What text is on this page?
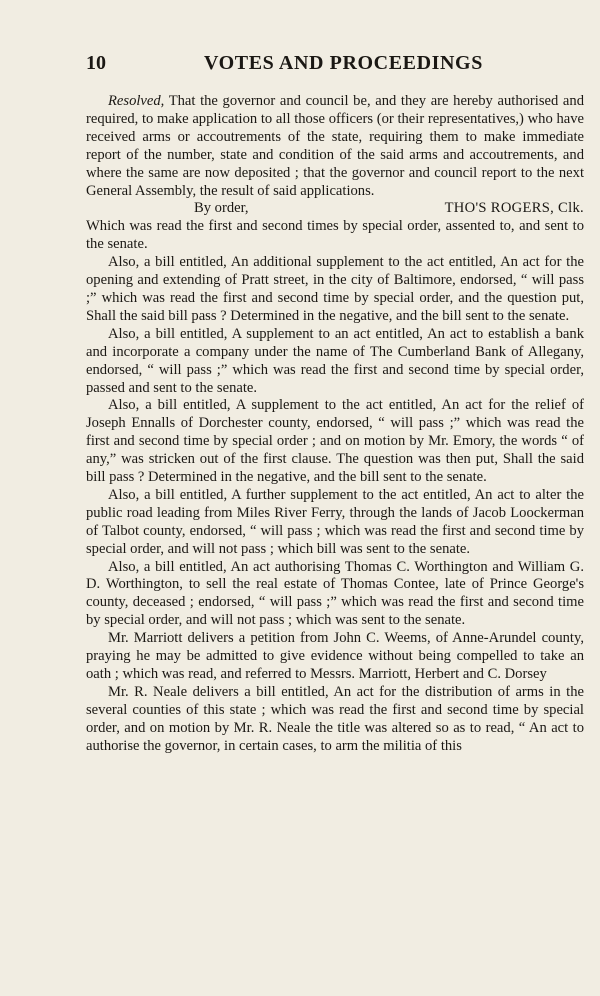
10	VOTES AND PROCEEDINGS

Resolved, That the governor and council be, and they are hereby authorised and required, to make application to all those officers (or their representatives,) who have received arms or accoutrements of the state, requiring them to make immediate report of the number, state and condition of the said arms and accoutrements, and where the same are now deposited ; that the governor and council report to the next General Assembly, the result of said applications.

By order,	THO'S ROGERS, Clk.

Which was read the first and second times by special order, assented to, and sent to the senate.

Also, a bill entitled, An additional supplement to the act entitled, An act for the opening and extending of Pratt street, in the city of Baltimore, endorsed, “ will pass ;” which was read the first and second time by special order, and the question put, Shall the said bill pass ? Determined in the negative, and the bill sent to the senate.

Also, a bill entitled, A supplement to an act entitled, An act to establish a bank and incorporate a company under the name of The Cumberland Bank of Allegany, endorsed, “ will pass ;” which was read the first and second time by special order, passed and sent to the senate.

Also, a bill entitled, A supplement to the act entitled, An act for the relief of Joseph Ennalls of Dorchester county, endorsed, “ will pass ;” which was read the first and second time by special order ; and on motion by Mr. Emory, the words “ of any,” was stricken out of the first clause. The question was then put, Shall the said bill pass ? Determined in the negative, and the bill sent to the senate.

Also, a bill entitled, A further supplement to the act entitled, An act to alter the public road leading from Miles River Ferry, through the lands of Jacob Loockerman of Talbot county, endorsed, “ will pass ; which was read the first and second time by special order, and will not pass ; which bill was sent to the senate.

Also, a bill entitled, An act authorising Thomas C. Worthington and William G. D. Worthington, to sell the real estate of Thomas Contee, late of Prince George's county, deceased ; endorsed, “ will pass ;” which was read the first and second time by special order, and will not pass ; which was sent to the senate.

Mr. Marriott delivers a petition from John C. Weems, of Anne-Arundel county, praying he may be admitted to give evidence without being compelled to take an oath ; which was read, and referred to Messrs. Marriott, Herbert and C. Dorsey

Mr. R. Neale delivers a bill entitled, An act for the distribution of arms in the several counties of this state ; which was read the first and second time by special order, and on motion by Mr. R. Neale the title was altered so as to read, “ An act to authorise the governor, in certain cases, to arm the militia of this
